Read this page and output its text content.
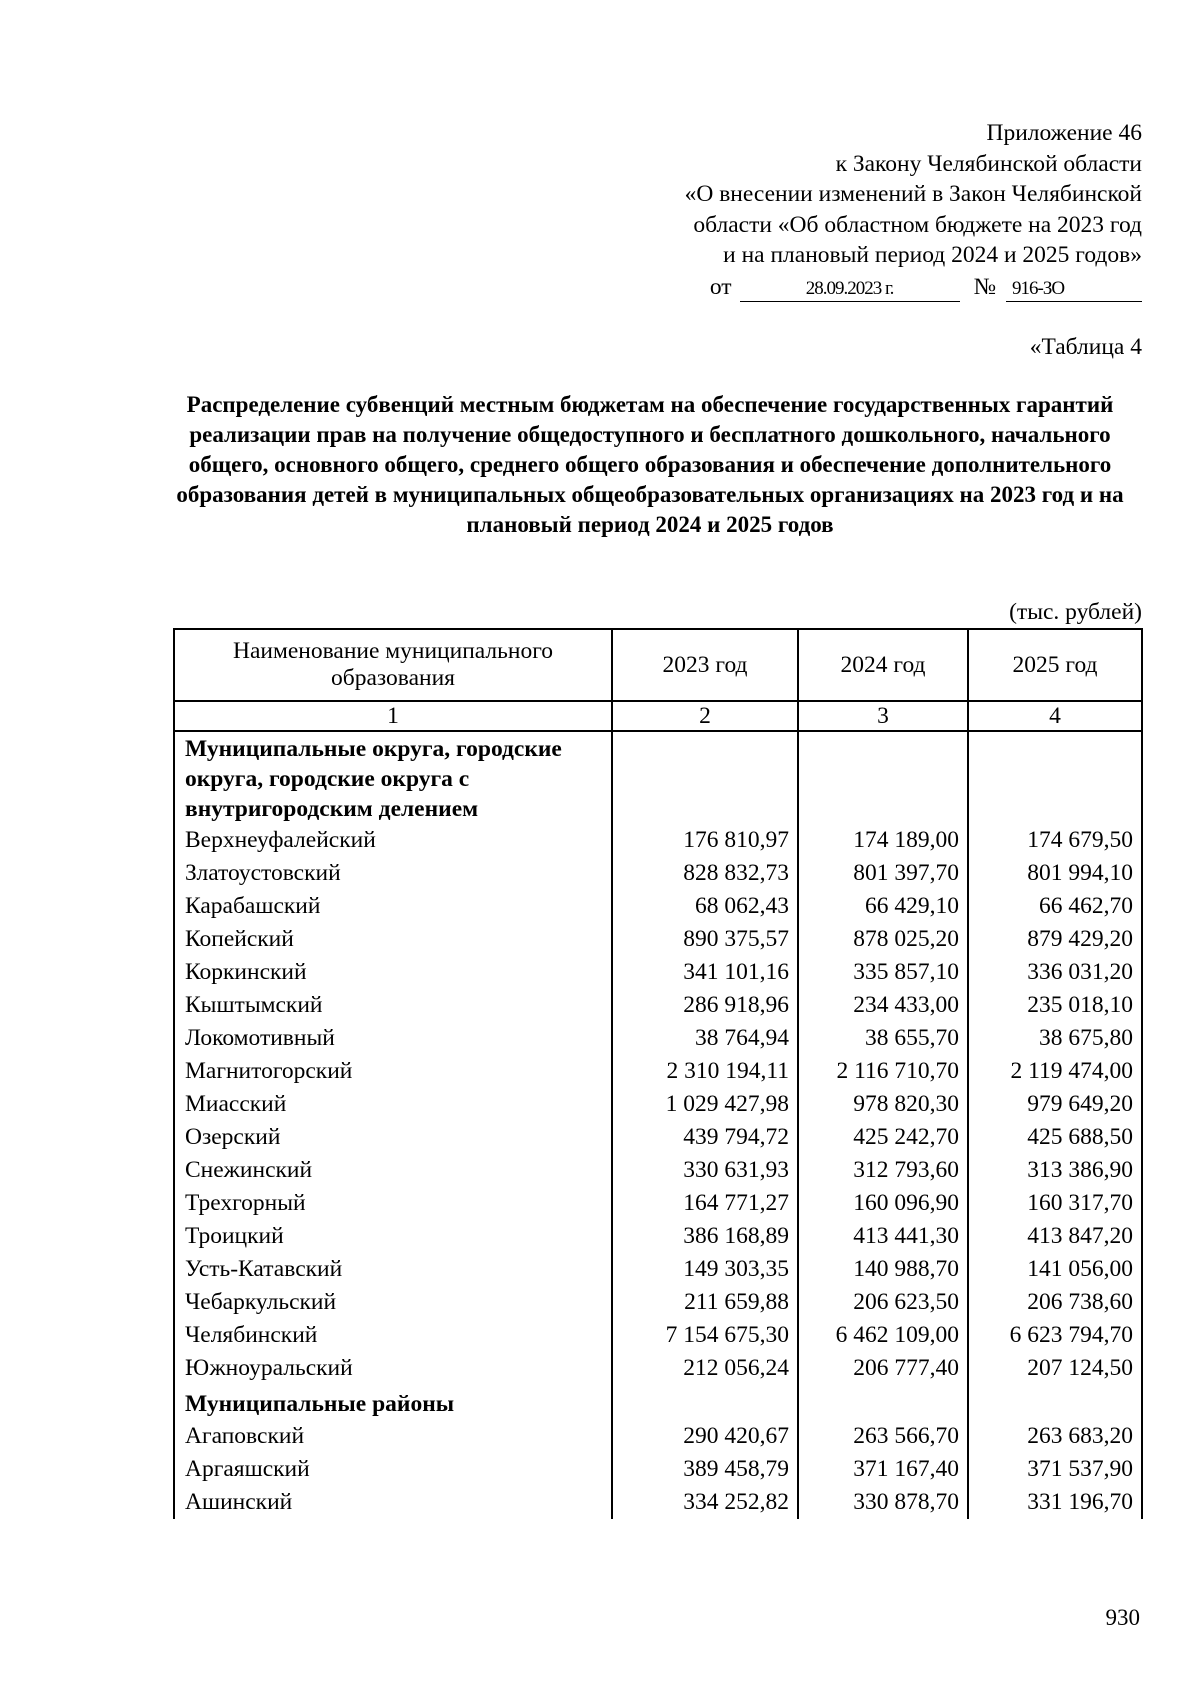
Приложение 46
к Закону Челябинской области
«О внесении изменений в Закон Челябинской
области «Об областном бюджете на 2023 год
и на плановый период 2024 и 2025 годов»
от	28.09.2023 г.	№ 916-ЗО
«Таблица 4
Распределение субвенций местным бюджетам на обеспечение государственных гарантий реализации прав на получение общедоступного и бесплатного дошкольного, начального общего, основного общего, среднего общего образования и обеспечение дополнительного образования детей в муниципальных общеобразовательных организациях на 2023 год и на плановый период 2024 и 2025 годов
(тыс. рублей)
Наименование муниципального образования	2023 год	2024 год	2025 год
1	2	3	4
Муниципальные округа, городские округа, городские округа с внутригородским делением			
Верхнеуфалейский	176 810,97	174 189,00	174 679,50
Златоустовский	828 832,73	801 397,70	801 994,10
Карабашский	68 062,43	66 429,10	66 462,70
Копейский	890 375,57	878 025,20	879 429,20
Коркинский	341 101,16	335 857,10	336 031,20
Кыштымский	286 918,96	234 433,00	235 018,10
Локомотивный	38 764,94	38 655,70	38 675,80
Магнитогорский	2 310 194,11	2 116 710,70	2 119 474,00
Миасский	1 029 427,98	978 820,30	979 649,20
Озерский	439 794,72	425 242,70	425 688,50
Снежинский	330 631,93	312 793,60	313 386,90
Трехгорный	164 771,27	160 096,90	160 317,70
Троицкий	386 168,89	413 441,30	413 847,20
Усть-Катавский	149 303,35	140 988,70	141 056,00
Чебаркульский	211 659,88	206 623,50	206 738,60
Челябинский	7 154 675,30	6 462 109,00	6 623 794,70
Южноуральский	212 056,24	206 777,40	207 124,50
Муниципальные районы			
Агаповский	290 420,67	263 566,70	263 683,20
Аргаяшский	389 458,79	371 167,40	371 537,90
Ашинский	334 252,82	330 878,70	331 196,70
930
